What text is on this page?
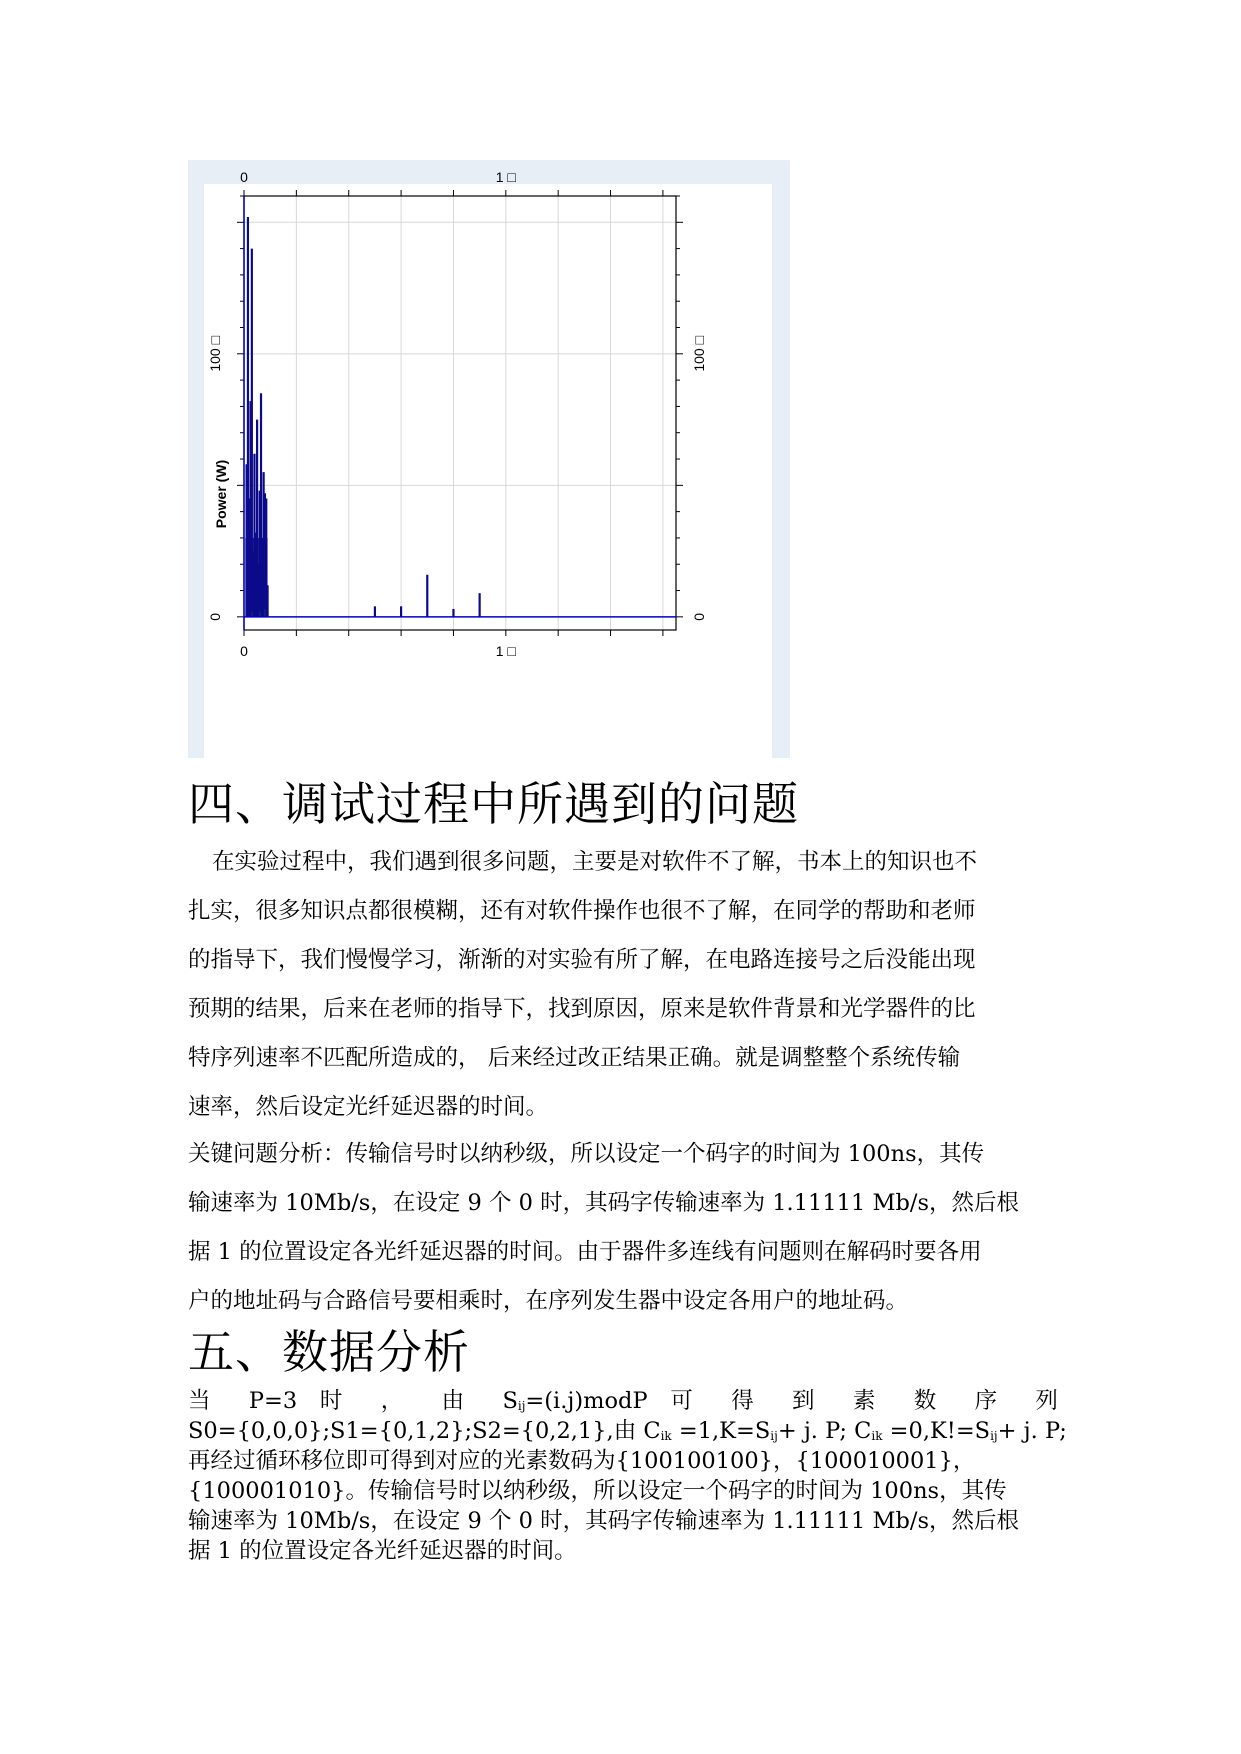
0	1 □
0	1 □
0
100 □
0
100 □
Power (W)
四、调试过程中所遇到的问题
在实验过程中，我们遇到很多问题，主要是对软件不了解，书本上的知识也不
扎实，很多知识点都很模糊，还有对软件操作也很不了解，在同学的帮助和老师
的指导下，我们慢慢学习，渐渐的对实验有所了解，在电路连接号之后没能出现
预期的结果，后来在老师的指导下，找到原因，原来是软件背景和光学器件的比
特序列速率不匹配所造成的， 后来经过改正结果正确。就是调整整个系统传输
速率，然后设定光纤延迟器的时间。
关键问题分析：传输信号时以纳秒级，所以设定一个码字的时间为 100ns，其传
输速率为 10Mb/s，在设定 9 个 0 时，其码字传输速率为 1.11111 Mb/s，然后根
据 1 的位置设定各光纤延迟器的时间。由于器件多连线有问题则在解码时要各用
户的地址码与合路信号要相乘时，在序列发生器中设定各用户的地址码。
五、数据分析
当 P=3 时 ， 由 $S_{ij}=(i.j)modP$ 可 得 到 素 数 序 列
S0={0,0,0};S1={0,1,2};S2={0,2,1},由 $C_{ik} =1,K=S_{ij}+ j$. P; $C_{ik} =0,K!=S_{ij}+ j$. P;
再经过循环移位即可得到对应的光素数码为{100100100}，{100010001}，
{100001010}。传输信号时以纳秒级，所以设定一个码字的时间为 100ns，其传
输速率为 10Mb/s，在设定 9 个 0 时，其码字传输速率为 1.11111 Mb/s，然后根
据 1 的位置设定各光纤延迟器的时间。
